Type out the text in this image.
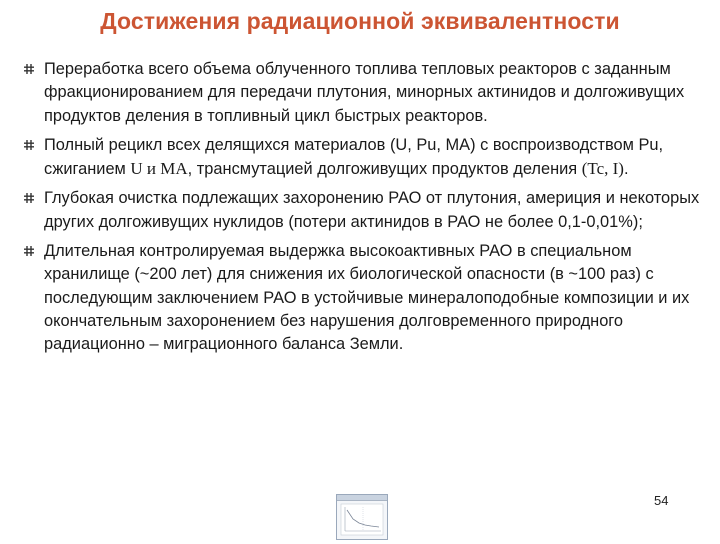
Достижения радиационной эквивалентности
Переработка всего объема облученного топлива тепловых реакторов с заданным фракционированием для передачи плутония, минорных актинидов и долгоживущих продуктов деления в топливный цикл быстрых реакторов.
Полный рецикл всех делящихся материалов (U, Pu, MA) с воспроизводством Pu, сжиганием U и MA, трансмутацией долгоживущих продуктов деления (Tc, I).
Глубокая очистка подлежащих захоронению РАО от плутония, америция и некоторых других долгоживущих нуклидов (потери актинидов в РАО не более 0,1-0,01%);
Длительная контролируемая выдержка высокоактивных РАО в специальном хранилище (~200 лет) для снижения их биологической опасности (в ~100 раз) с последующим заключением РАО в устойчивые минералоподобные композиции и их окончательным захоронением без нарушения долговременного природного радиационно – миграционного баланса Земли.
54
